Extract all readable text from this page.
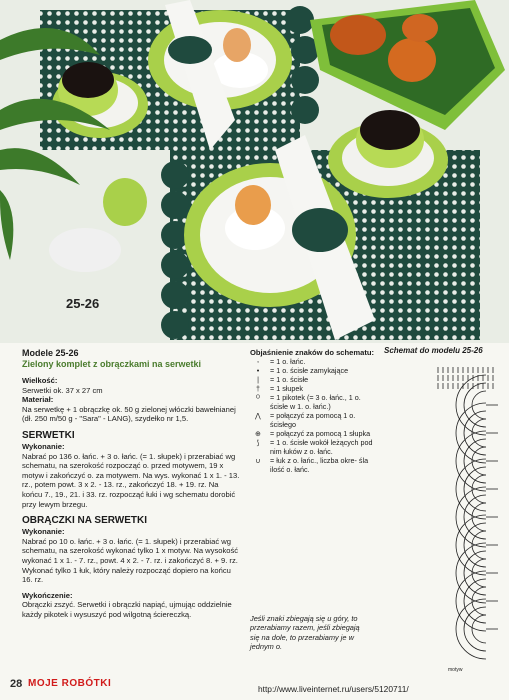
25-26
Modele 25-26
Zielony komplet z obrączkami na serwetki
Wielkość:
Serwetki ok. 37 x 27 cm
Materiał:
Na serwetkę + 1 obrączkę ok. 50 g zielonej włóczki bawełnianej (dł. 250 m/50 g - "Sara" - LANG), szydełko nr 1,5.
SERWETKI
Wykonanie:
Nabrać po 136 o. łańc. + 3 o. łańc. (= 1. słupek) i przerabiać wg schematu, na szerokość rozpocząć o. przed motywem, 19 x motyw i zakończyć o. za motywem. Na wys. wykonać 1 x 1. - 13. rz., potem powt. 3 x 2. - 13. rz., zakończyć 18. + 19. rz. Na końcu 7., 19., 21. i 33. rz. rozpocząć łuki i wg schematu dorobić przy lewym brzegu.
OBRĄCZKI NA SERWETKI
Wykonanie:
Nabrać po 10 o. łańc. + 3 o. łańc. (= 1. słupek) i przerabiać wg schematu, na szerokość wykonać tylko 1 x motyw. Na wysokość wykonać 1 x 1. - 7. rz., powt. 4 x 2. - 7. rz. i zakończyć 8. + 9. rz. Wykonać tylko 1 łuk, który należy rozpocząć dopiero na końcu 16. rz.
Wykończenie:
Obrączki zszyć. Serwetki i obrączki napiąć, ujmując oddzielnie każdy pikotek i wysuszyć pod wilgotną ściereczką.
Objaśnienie znaków do schematu:
◦	= 1 o. łańc.
•	= 1 o. ścisłe zamykające
|	= 1 o. ścisłe
†	= 1 słupek
ᴼ	= 1 pikotek (= 3 o. łańc., 1 o. ścisłe w 1. o. łańc.)
⋀	= połączyć za pomocą 1 o. ścisłego
⊕	= połączyć za pomocą 1 słupka
⟆	= 1 o. ścisłe wokół leżących pod nim łuków z o. łańc.
∪	= łuk z o. łańc., liczba okre- śla ilość o. łańc.
Jeśli znaki zbiegają się u góry, to przerabiamy razem, jeśli zbiegają się na dole, to przerabiamy je w jednym o.
Schemat do modelu 25-26
motyw
28 MOJE ROBÓTKI	http://www.liveinternet.ru/users/5120711/
